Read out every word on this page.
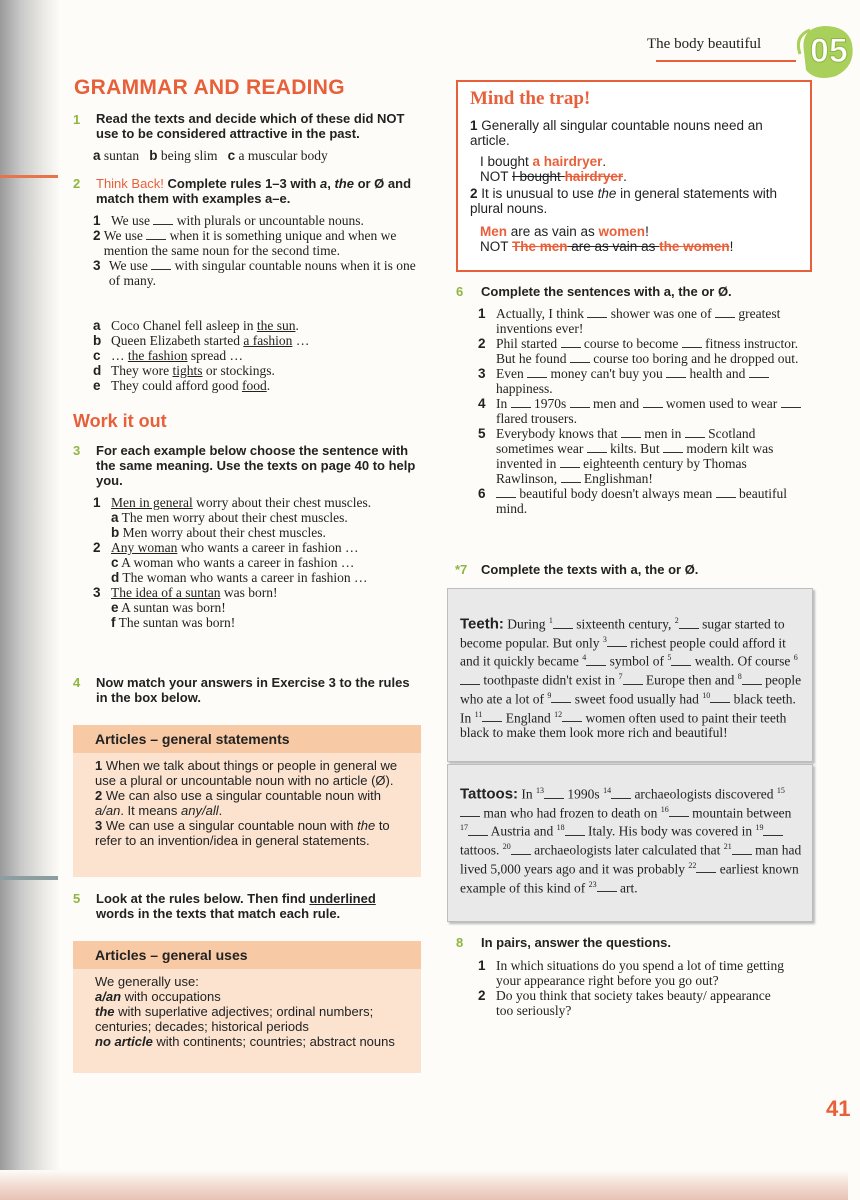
The body beautiful 05
41
GRAMMAR AND READING
1 Read the texts and decide which of these did NOT use to be considered attractive in the past.
a suntan b being slim c a muscular body
2 Think Back! Complete rules 1–3 with a, the or Ø and match them with examples a–e.
1 We use with plurals or uncountable nouns.
2 We use when it is something unique and when we mention the same noun for the second time.
3 We use with singular countable nouns when it is one of many.
a Coco Chanel fell asleep in the sun.
b Queen Elizabeth started a fashion …
c … the fashion spread …
d They wore tights or stockings.
e They could afford good food.
Work it out
3 For each example below choose the sentence with the same meaning. Use the texts on page 40 to help you.
1 Men in general worry about their chest muscles.
a The men worry about their chest muscles.
b Men worry about their chest muscles.
2 Any woman who wants a career in fashion …
c A woman who wants a career in fashion …
d The woman who wants a career in fashion …
3 The idea of a suntan was born!
e A suntan was born!
f The suntan was born!
4 Now match your answers in Exercise 3 to the rules in the box below.
Articles – general statements
1 When we talk about things or people in general we use a plural or uncountable noun with no article (Ø).
2 We can also use a singular countable noun with a/an. It means any/all.
3 We can use a singular countable noun with the to refer to an invention/idea in general statements.
5 Look at the rules below. Then find underlined words in the texts that match each rule.
Articles – general uses
We generally use:
a/an with occupations
the with superlative adjectives; ordinal numbers; centuries; decades; historical periods
no article with continents; countries; abstract nouns
Mind the trap!
1 Generally all singular countable nouns need an article.
I bought a hairdryer.
NOT I bought hairdryer.
2 It is unusual to use the in general statements with plural nouns.
Men are as vain as women!
NOT The men are as vain as the women!
6 Complete the sentences with a, the or Ø.
1 Actually, I think  shower was one of  greatest inventions ever!
2 Phil started  course to become  fitness instructor. But he found  course too boring and he dropped out.
3 Even  money can't buy you  health and  happiness.
4 In  1970s  men and  women used to wear  flared trousers.
5 Everybody knows that  men in  Scotland sometimes wear  kilts. But  modern kilt was invented in  eighteenth century by Thomas Rawlinson,  Englishman!
6	beautiful body doesn't always mean  beautiful mind.
*7 Complete the texts with a, the or Ø.
Teeth: During $^1$ sixteenth century, $^2$ sugar started to become popular. But only $^3$ richest people could afford it and it quickly became $^4$ symbol of $^5$ wealth. Of course $^6$ toothpaste didn't exist in $^7$ Europe then and $^8$ people who ate a lot of $^9$ sweet food usually had $^{10}$ black teeth. In $^{11}$ England $^{12}$ women often used to paint their teeth black to make them look more rich and beautiful!
Tattoos: In $^{13}$ 1990s $^{14}$ archaeologists discovered $^{15}$ man who had frozen to death on $^{16}$ mountain between $^{17}$ Austria and $^{18}$ Italy. His body was covered in $^{19}$ tattoos. $^{20}$ archaeologists later calculated that $^{21}$ man had lived 5,000 years ago and it was probably $^{22}$ earliest known example of this kind of $^{23}$ art.
8 In pairs, answer the questions.
1 In which situations do you spend a lot of time getting your appearance right before you go out?
2 Do you think that society takes beauty/ appearance too seriously?
